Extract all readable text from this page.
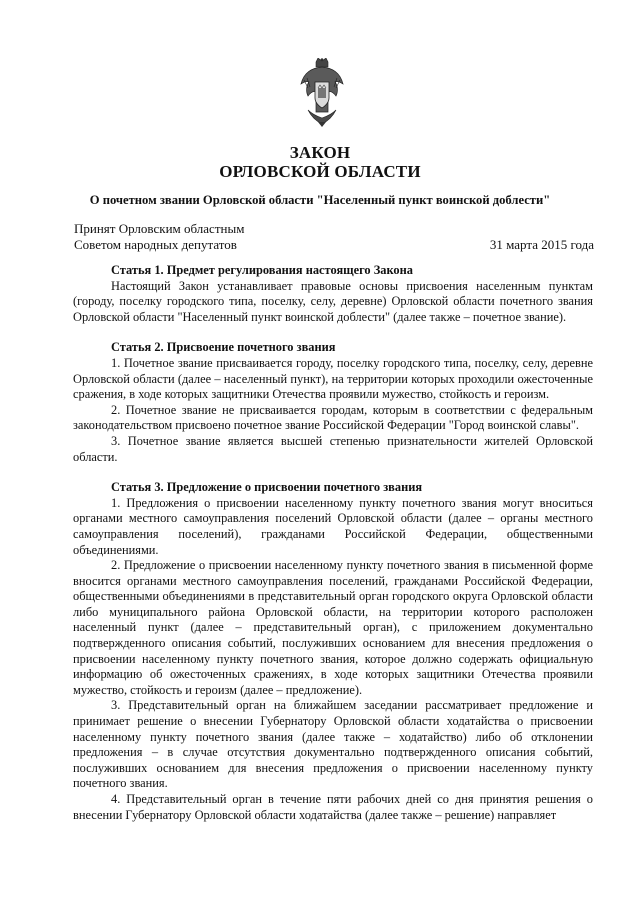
ЗАКОН
ОРЛОВСКОЙ ОБЛАСТИ
О почетном звании Орловской области "Населенный пункт воинской доблести"
Принят Орловским областным
Советом народных депутатов	31 марта 2015 года

Статья 1. Предмет регулирования настоящего Закона

Настоящий Закон устанавливает правовые основы присвоения населенным пунктам (городу, поселку городского типа, поселку, селу, деревне) Орловской области почетного звания Орловской области "Населенный пункт воинской доблести" (далее также – почетное звание).

Статья 2. Присвоение почетного звания

1. Почетное звание присваивается городу, поселку городского типа, поселку, селу, деревне Орловской области (далее – населенный пункт), на территории которых проходили ожесточенные сражения, в ходе которых защитники Отечества проявили мужество, стойкость и героизм.

2. Почетное звание не присваивается городам, которым в соответствии с федеральным законодательством присвоено почетное звание Российской Федерации "Город воинской славы".

3. Почетное звание является высшей степенью признательности жителей Орловской области.

Статья 3. Предложение о присвоении почетного звания

1. Предложения о присвоении населенному пункту почетного звания могут вноситься органами местного самоуправления поселений Орловской области (далее – органы местного самоуправления поселений), гражданами Российской Федерации, общественными объединениями.

2. Предложение о присвоении населенному пункту почетного звания в письменной форме вносится органами местного самоуправления поселений, гражданами Российской Федерации, общественными объединениями в представительный орган городского округа Орловской области либо муниципального района Орловской области, на территории которого расположен населенный пункт (далее – представительный орган), с приложением документально подтвержденного описания событий, послуживших основанием для внесения предложения о присвоении населенному пункту почетного звания, которое должно содержать официальную информацию об ожесточенных сражениях, в ходе которых защитники Отечества проявили мужество, стойкость и героизм (далее – предложение).

3. Представительный орган на ближайшем заседании рассматривает предложение и принимает решение о внесении Губернатору Орловской области ходатайства о присвоении населенному пункту почетного звания (далее также – ходатайство) либо об отклонении предложения – в случае отсутствия документально подтвержденного описания событий, послуживших основанием для внесения предложения о присвоении населенному пункту почетного звания.

4. Представительный орган в течение пяти рабочих дней со дня принятия решения о внесении Губернатору Орловской области ходатайства (далее также – решение) направляет
